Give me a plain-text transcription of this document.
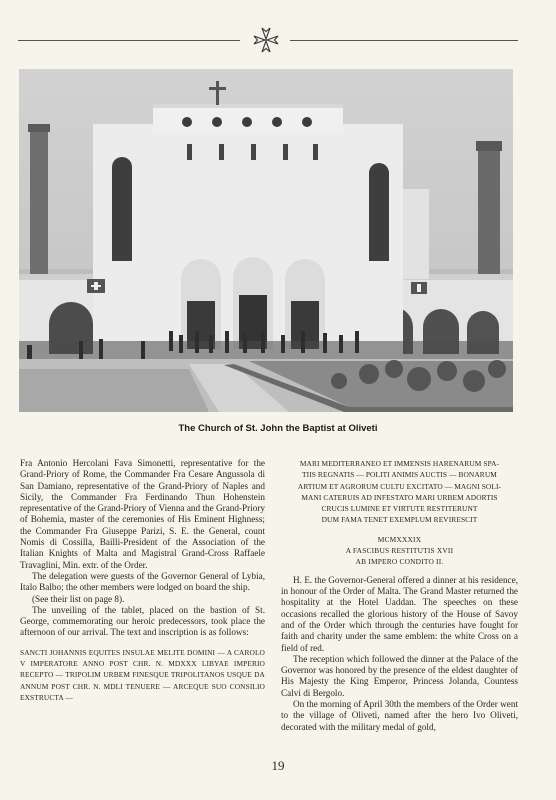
The Church of St. John the Baptist at Oliveti

Fra Antonio Hercolani Fava Simonetti, representative for the Grand-Priory of Rome, the Commander Fra Cesare Angussola di San Damiano, representative of the Grand-Priory of Naples and Sicily, the Commander Fra Ferdinando Thun Hohenstein representative of the Grand-Priory of Vienna and the Grand-Priory of Bohemia, master of the ceremonies of His Eminent Highness; the Commander Fra Giuseppe Parizi, S. E. the General, count Nomis di Cossilla, Bailli-President of the Association of the Italian Knights of Malta and Magistral Grand-Cross Raffaele Travaglini, Min. extr. of the Order.

The delegation were guests of the Governor General of Lybia, Italo Balbo; the other members were lodged on board the ship.

(See their list on page 8).

The unveiling of the tablet, placed on the bastion of St. George, commemorating our heroic predecessors, took place the afternoon of our arrival. The text and inscription is as follows:

SANCTI JOHANNIS EQUITES INSULAE MELITE DOMINI — A CAROLO V IMPERATORE ANNO POST CHR. N. MDXXX LIBYAE IMPERIO RECEPTO — TRIPOLIM URBEM FINESQUE TRIPOLITANOS USQUE DA ANNUM POST CHR. N. MDLI TENUERE — ARCEQUE SUO CONSILIO EXSTRUCTA —

MARI MEDITERRANEO ET IMMENSIS HARENARUM SPA-
TIIS REGNATIS — POLITI ANIMIS AUCTIS — BONARUM
ARTIUM ET AGRORUM CULTU EXCITATO — MAGNI SOLI-
MANI CATERUIS AD INFESTATO MARI URBEM ADORTIS
CRUCIS LUMINE ET VIRTUTE RESTITERUNT
DUM FAMA TENET EXEMPLUM REVIRESCIT
MCMXXXIX
A FASCIBUS RESTITUTIS XVII
AB IMPERO CONDITO II.

H. E. the Governor-General offered a dinner at his residence, in honour of the Order of Malta. The Grand Master returned the hospitality at the Hotel Uaddan. The speeches on these occasions recalled the glorious history of the House of Savoy and of the Order which through the centuries have fought for faith and charity under the same emblem: the white Cross on a field of red.

The reception which followed the dinner at the Palace of the Governor was honored by the presence of the eldest daughter of His Majesty the King Emperor, Princess Jolanda, Countess Calvi di Bergolo.

On the morning of April 30th the members of the Order went to the village of Oliveti, named after the hero Ivo Oliveti, decorated with the military medal of gold,

19
